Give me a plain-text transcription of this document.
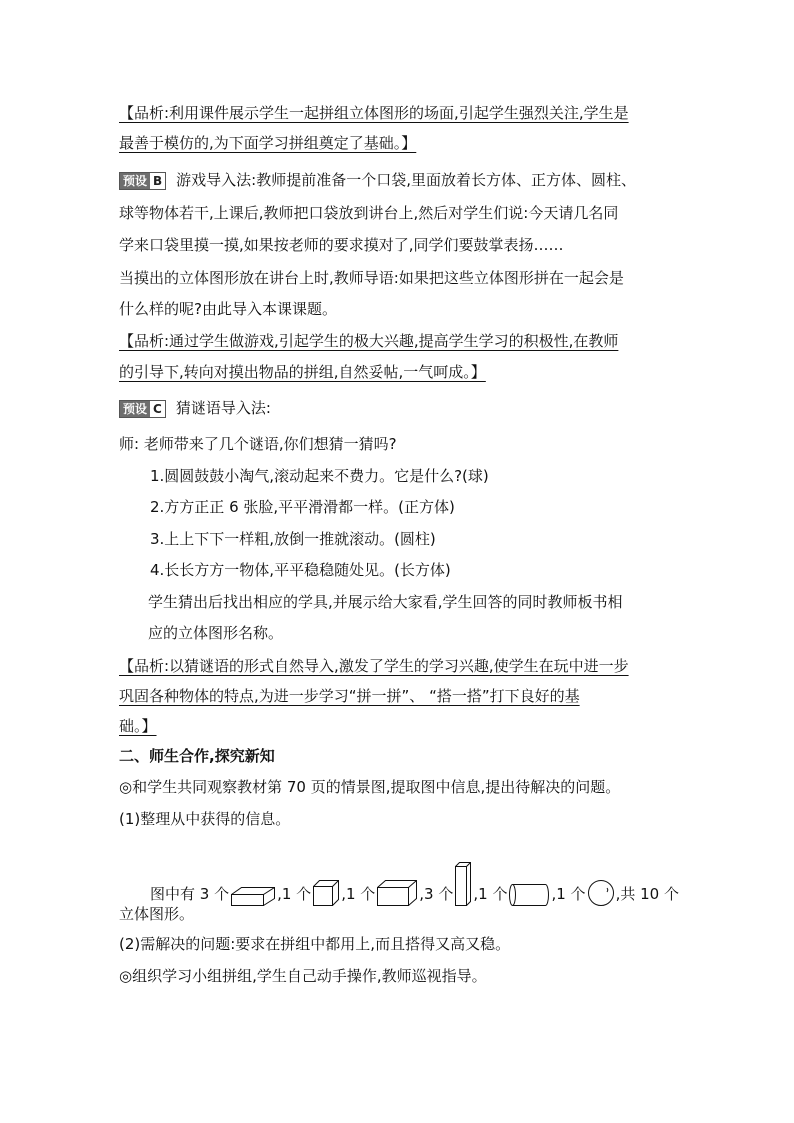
【品析:利用课件展示学生一起拼组立体图形的场面,引起学生强烈关注,学生是
最善于模仿的,为下面学习拼组奠定了基础。】
预设 B 游戏导入法:教师提前准备一个口袋,里面放着长方体、正方体、圆柱、
球等物体若干,上课后,教师把口袋放到讲台上,然后对学生们说:今天请几名同
学来口袋里摸一摸,如果按老师的要求摸对了,同学们要鼓掌表扬……
当摸出的立体图形放在讲台上时,教师导语:如果把这些立体图形拼在一起会是
什么样的呢?由此导入本课课题。
【品析:通过学生做游戏,引起学生的极大兴趣,提高学生学习的积极性,在教师
的引导下,转向对摸出物品的拼组,自然妥帖,一气呵成。】
预设 C 猜谜语导入法:
师: 老师带来了几个谜语,你们想猜一猜吗?
1.圆圆鼓鼓小淘气,滚动起来不费力。它是什么?(球)
2.方方正正 6 张脸,平平滑滑都一样。(正方体)
3.上上下下一样粗,放倒一推就滚动。(圆柱)
4.长长方方一物体,平平稳稳随处见。(长方体)
学生猜出后找出相应的学具,并展示给大家看,学生回答的同时教师板书相
应的立体图形名称。
【品析:以猜谜语的形式自然导入,激发了学生的学习兴趣,使学生在玩中进一步
巩固各种物体的特点,为进一步学习“拼一拼”、 “搭一搭”打下良好的基
础。】
二、师生合作,探究新知
◎和学生共同观察教材第 70 页的情景图,提取图中信息,提出待解决的问题。
(1)整理从中获得的信息。
图中有 3 个	,1 个 ,1 个	,3 个 ,1 个	,1 个 ,共 10 个
立体图形。
(2)需解决的问题:要求在拼组中都用上,而且搭得又高又稳。
◎组织学习小组拼组,学生自己动手操作,教师巡视指导。
